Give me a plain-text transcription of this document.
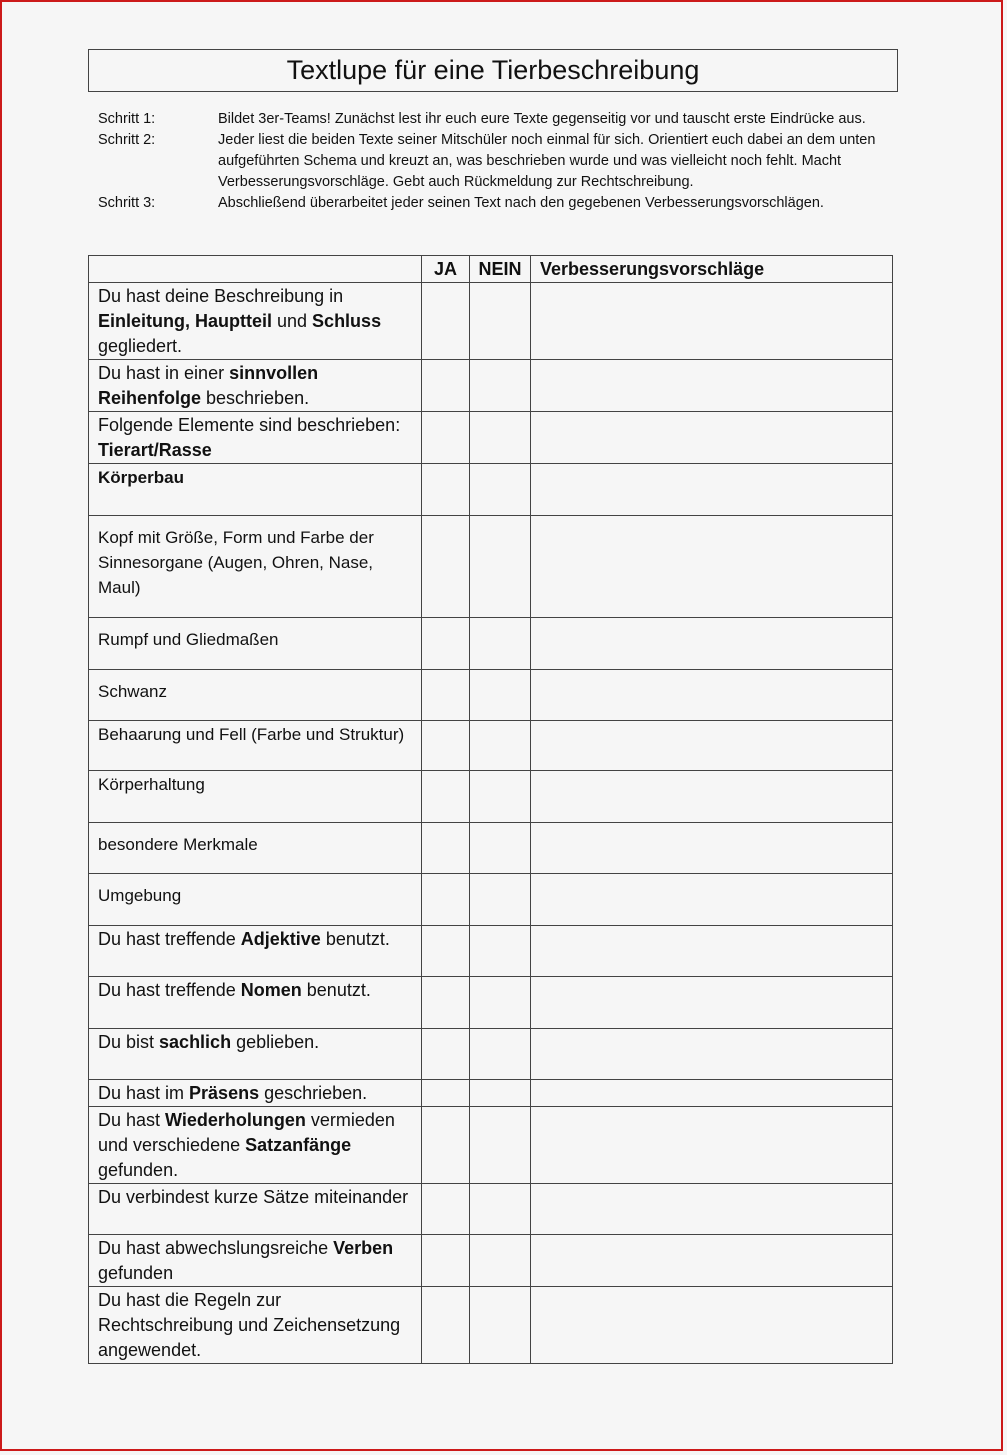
Textlupe für eine Tierbeschreibung
Schritt 1:	Bildet 3er-Teams! Zunächst lest ihr euch eure Texte gegenseitig vor und tauscht erste Eindrücke aus.
Schritt 2:	Jeder liest die beiden Texte seiner Mitschüler noch einmal für sich. Orientiert euch dabei an dem unten aufgeführten Schema und kreuzt an, was beschrieben wurde und was vielleicht noch fehlt. Macht Verbesserungsvorschläge. Gebt auch Rückmeldung zur Rechtschreibung.
Schritt 3:	Abschließend überarbeitet jeder seinen Text nach den gegebenen Verbesserungsvorschlägen.
	JA	NEIN	Verbesserungsvorschläge
Du hast deine Beschreibung in Einleitung, Hauptteil und Schluss gegliedert.			
Du hast in einer sinnvollen Reihenfolge beschrieben.			
Folgende Elemente sind beschrieben: Tierart/Rasse			
Körperbau			
Kopf mit Größe, Form und Farbe der Sinnesorgane (Augen, Ohren, Nase, Maul)			
Rumpf und Gliedmaßen			
Schwanz			
Behaarung und Fell (Farbe und Struktur)			
Körperhaltung			
besondere Merkmale			
Umgebung			
Du hast treffende Adjektive benutzt.			
Du hast treffende Nomen benutzt.			
Du bist sachlich geblieben.			
Du hast im Präsens geschrieben.			
Du hast Wiederholungen vermieden und verschiedene Satzanfänge gefunden.			
Du verbindest kurze Sätze miteinander			
Du hast abwechslungsreiche Verben gefunden			
Du hast die Regeln zur Rechtschreibung und Zeichensetzung angewendet.			
